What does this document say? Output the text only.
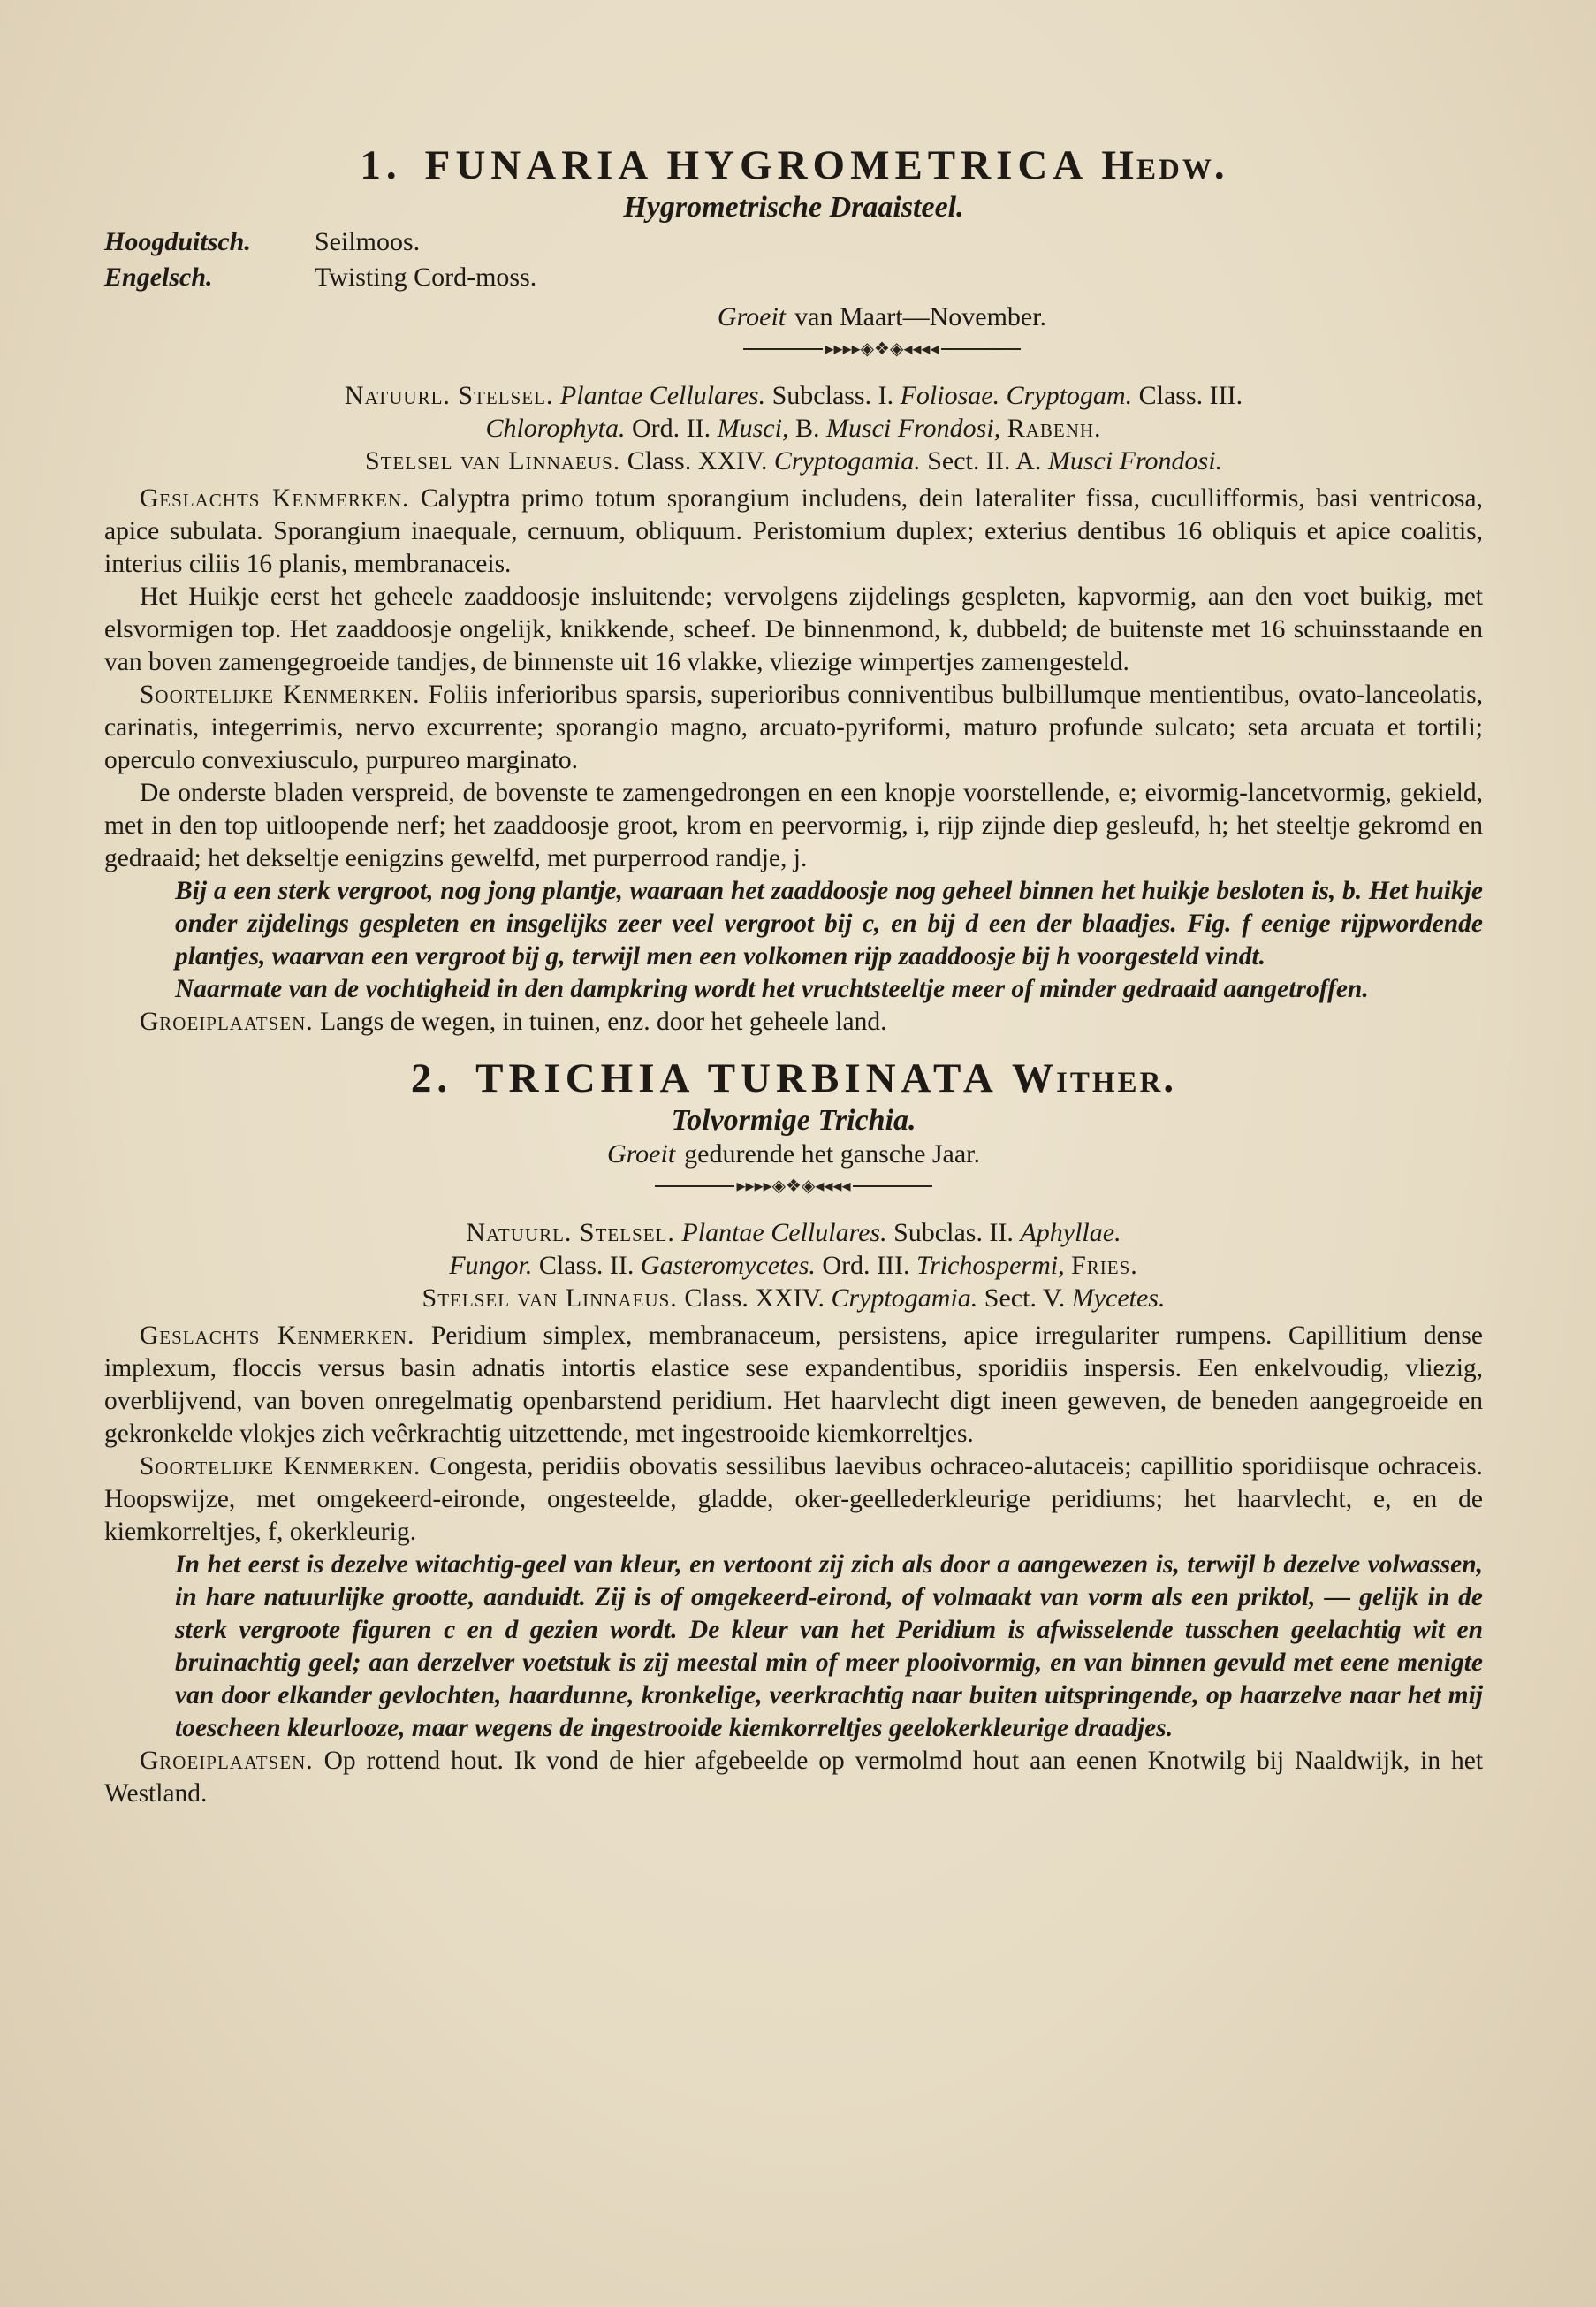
1. FUNARIA HYGROMETRICA Hedw.
Hygrometrische Draaisteel.
Hoogduitsch.	Seilmoos.
Engelsch.	Twisting Cord-moss.
Groeit van Maart—November.
▸▸▸▸◈❖◈◂◂◂◂
Natuurl. Stelsel. Plantae Cellulares. Subclass. I. Foliosae. Cryptogam. Class. III.
Chlorophyta. Ord. II. Musci, B. Musci Frondosi, Rabenh.
Stelsel van Linnaeus. Class. XXIV. Cryptogamia. Sect. II. A. Musci Frondosi.

Geslachts Kenmerken. Calyptra primo totum sporangium includens, dein lateraliter fissa, cucullifformis, basi ventricosa, apice subulata. Sporangium inaequale, cernuum, obliquum. Peristomium duplex; exterius dentibus 16 obliquis et apice coalitis, interius ciliis 16 planis, membranaceis.

Het Huikje eerst het geheele zaaddoosje insluitende; vervolgens zijdelings gespleten, kapvormig, aan den voet buikig, met elsvormigen top. Het zaaddoosje ongelijk, knikkende, scheef. De binnenmond, k, dubbeld; de buitenste met 16 schuinsstaande en van boven zamengegroeide tandjes, de binnenste uit 16 vlakke, vliezige wimpertjes zamengesteld.

Soortelijke Kenmerken. Foliis inferioribus sparsis, superioribus conniventibus bulbillumque mentientibus, ovato-lanceolatis, carinatis, integerrimis, nervo excurrente; sporangio magno, arcuato-pyriformi, maturo profunde sulcato; seta arcuata et tortili; operculo convexiusculo, purpureo marginato.

De onderste bladen verspreid, de bovenste te zamengedrongen en een knopje voorstellende, e; eivormig-lancetvormig, gekield, met in den top uitloopende nerf; het zaaddoosje groot, krom en peervormig, i, rijp zijnde diep gesleufd, h; het steeltje gekromd en gedraaid; het dekseltje eenigzins gewelfd, met purperrood randje, j.

Bij a een sterk vergroot, nog jong plantje, waaraan het zaaddoosje nog geheel binnen het huikje besloten is, b. Het huikje onder zijdelings gespleten en insgelijks zeer veel vergroot bij c, en bij d een der blaadjes. Fig. f eenige rijpwordende plantjes, waarvan een vergroot bij g, terwijl men een volkomen rijp zaaddoosje bij h voorgesteld vindt.

Naarmate van de vochtigheid in den dampkring wordt het vruchtsteeltje meer of minder gedraaid aangetroffen.

Groeiplaatsen. Langs de wegen, in tuinen, enz. door het geheele land.

2. TRICHIA TURBINATA Wither.
Tolvormige Trichia.
Groeit gedurende het gansche Jaar.
▸▸▸▸◈❖◈◂◂◂◂
Natuurl. Stelsel. Plantae Cellulares. Subclas. II. Aphyllae.
Fungor. Class. II. Gasteromycetes. Ord. III. Trichospermi, Fries.
Stelsel van Linnaeus. Class. XXIV. Cryptogamia. Sect. V. Mycetes.

Geslachts Kenmerken. Peridium simplex, membranaceum, persistens, apice irregulariter rumpens. Capillitium dense implexum, floccis versus basin adnatis intortis elastice sese expandentibus, sporidiis inspersis. Een enkelvoudig, vliezig, overblijvend, van boven onregelmatig openbarstend peridium. Het haarvlecht digt ineen geweven, de beneden aangegroeide en gekronkelde vlokjes zich veêrkrachtig uitzettende, met ingestrooide kiemkorreltjes.

Soortelijke Kenmerken. Congesta, peridiis obovatis sessilibus laevibus ochraceo-alutaceis; capillitio sporidiisque ochraceis. Hoopswijze, met omgekeerd-eironde, ongesteelde, gladde, oker-geellederkleurige peridiums; het haarvlecht, e, en de kiemkorreltjes, f, okerkleurig.

In het eerst is dezelve witachtig-geel van kleur, en vertoont zij zich als door a aangewezen is, terwijl b dezelve volwassen, in hare natuurlijke grootte, aanduidt. Zij is of omgekeerd-eirond, of volmaakt van vorm als een priktol, — gelijk in de sterk vergroote figuren c en d gezien wordt. De kleur van het Peridium is afwisselende tusschen geelachtig wit en bruinachtig geel; aan derzelver voetstuk is zij meestal min of meer plooivormig, en van binnen gevuld met eene menigte van door elkander gevlochten, haardunne, kronkelige, veerkrachtig naar buiten uitspringende, op haarzelve naar het mij toescheen kleurlooze, maar wegens de ingestrooide kiemkorreltjes geelokerkleurige draadjes.

Groeiplaatsen. Op rottend hout. Ik vond de hier afgebeelde op vermolmd hout aan eenen Knotwilg bij Naaldwijk, in het Westland.
